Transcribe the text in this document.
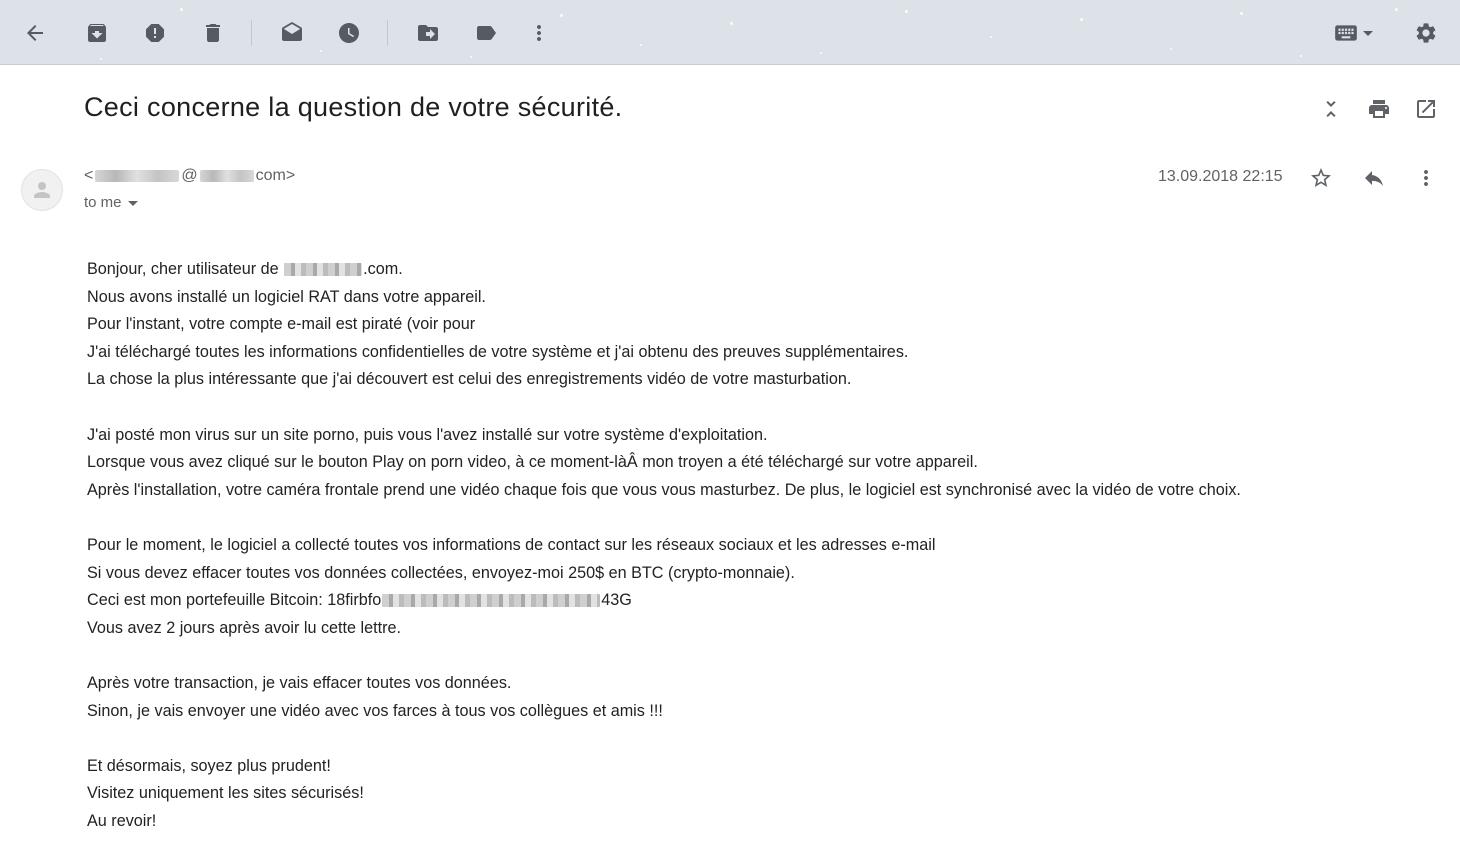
Ceci concerne la question de votre sécurité.
<	@	com>
to me
13.09.2018 22:15
Bonjour, cher utilisateur de	.com.
Nous avons installé un logiciel RAT dans votre appareil.
Pour l'instant, votre compte e-mail est piraté (voir pour
J'ai téléchargé toutes les informations confidentielles de votre système et j'ai obtenu des preuves supplémentaires.
La chose la plus intéressante que j'ai découvert est celui des enregistrements vidéo de votre masturbation.
J'ai posté mon virus sur un site porno, puis vous l'avez installé sur votre système d'exploitation.
Lorsque vous avez cliqué sur le bouton Play on porn video, à ce moment-làÂ mon troyen a été téléchargé sur votre appareil.
Après l'installation, votre caméra frontale prend une vidéo chaque fois que vous vous masturbez. De plus, le logiciel est synchronisé avec la vidéo de votre choix.
Pour le moment, le logiciel a collecté toutes vos informations de contact sur les réseaux sociaux et les adresses e-mail
Si vous devez effacer toutes vos données collectées, envoyez-moi 250$ en BTC (crypto-monnaie).
Ceci est mon portefeuille Bitcoin: 18firbfo	43G
Vous avez 2 jours après avoir lu cette lettre.
Après votre transaction, je vais effacer toutes vos données.
Sinon, je vais envoyer une vidéo avec vos farces à tous vos collègues et amis !!!
Et désormais, soyez plus prudent!
Visitez uniquement les sites sécurisés!
Au revoir!
